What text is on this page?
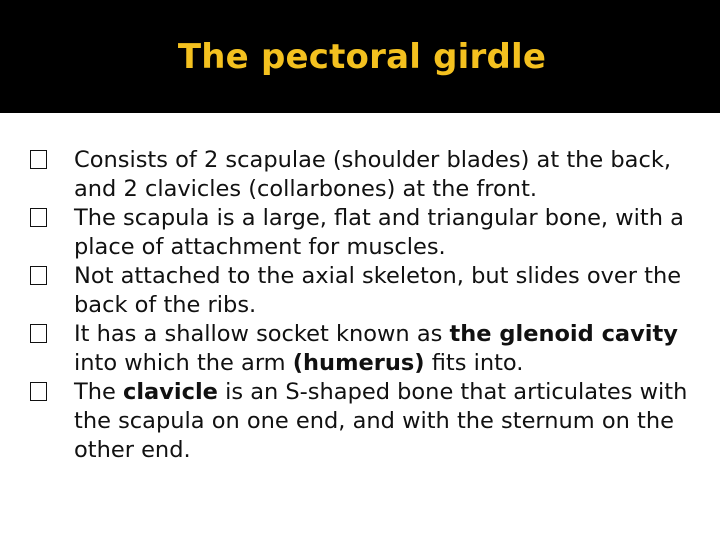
The pectoral girdle
Consists of 2 scapulae (shoulder blades) at the back, and 2 clavicles (collarbones) at the front.
The scapula is a large, flat and triangular bone, with a place of attachment for muscles.
Not attached to the axial skeleton, but slides over the back of the ribs.
It has a shallow socket known as the glenoid cavity into which the arm (humerus) fits into.
The clavicle is an S-shaped bone that articulates with the scapula on one end, and with the sternum on the other end.
